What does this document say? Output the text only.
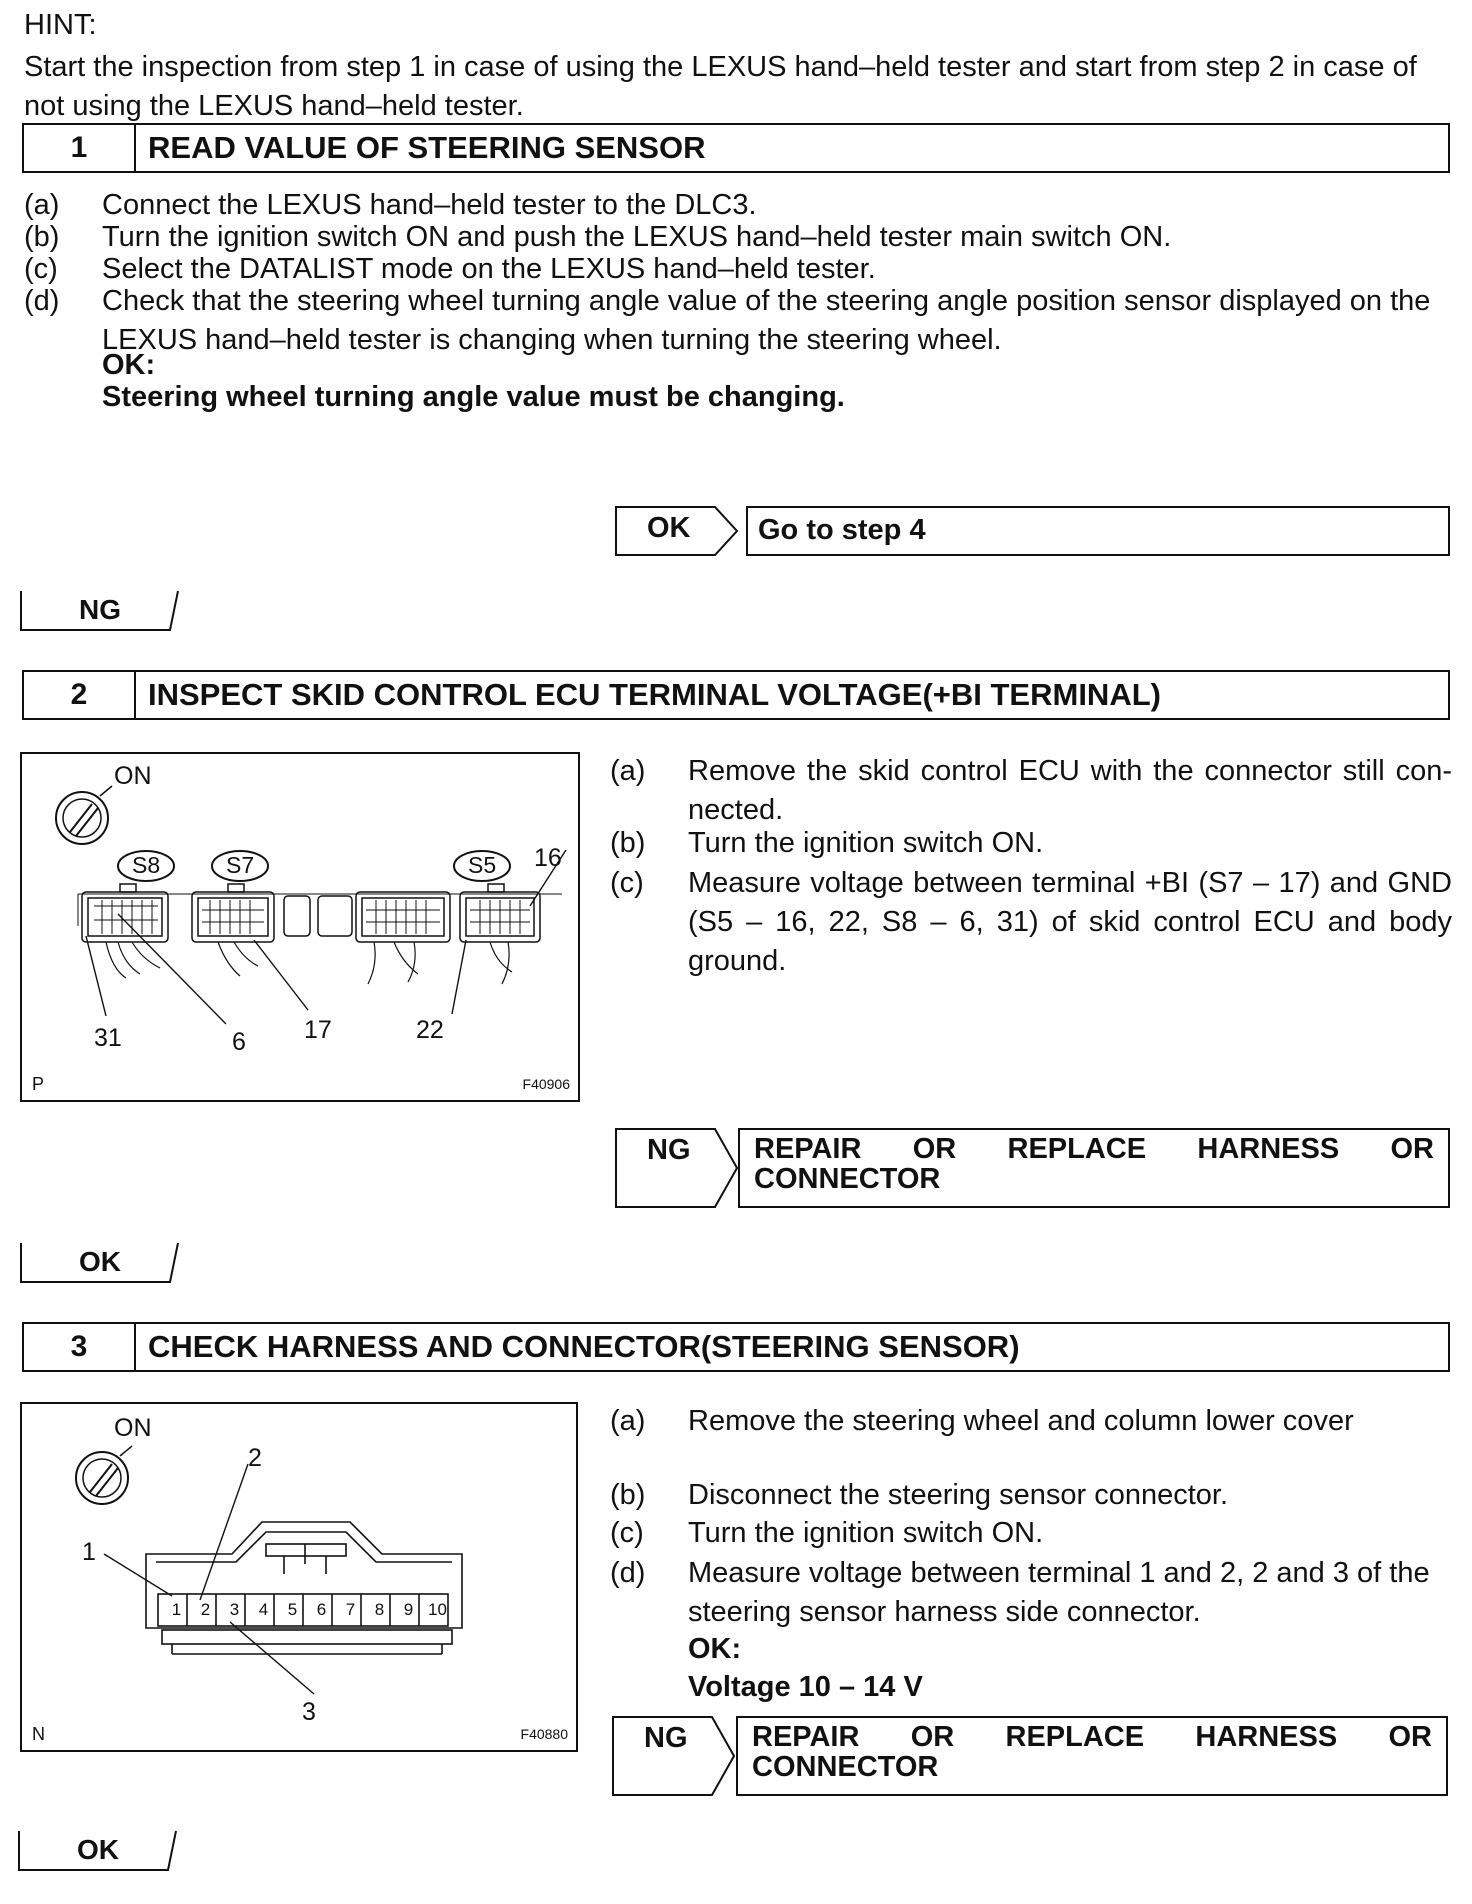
HINT:
Start the inspection from step 1 in case of using the LEXUS hand–held tester and start from step 2 in case of not using the LEXUS hand–held tester.
1	READ VALUE OF STEERING SENSOR
(a) Connect the LEXUS hand–held tester to the DLC3.
(b) Turn the ignition switch ON and push the LEXUS hand–held tester main switch ON.
(c) Select the DATALIST mode on the LEXUS hand–held tester.
(d) Check that the steering wheel turning angle value of the steering angle position sensor displayed on the LEXUS hand–held tester is changing when turning the steering wheel.
OK:
Steering wheel turning angle value must be changing.
OK Go to step 4
NG
2	INSPECT SKID CONTROL ECU TERMINAL VOLTAGE(+BI TERMINAL)
ON
S8	S7	S5 16
31	6 17	22
P	F40906
(a) Remove the skid control ECU with the connector still con- nected.
(b) Turn the ignition switch ON.
(c) Measure voltage between terminal +BI (S7 – 17) and GND (S5 – 16, 22, S8 – 6, 31) of skid control ECU and body ground.
NG REPAIR OR REPLACE HARNESS OR CONNECTOR
OK
3	CHECK HARNESS AND CONNECTOR(STEERING SENSOR)
ON
1	2	3	4	5	6	7	8	9 10
2
1
3
N	F40880
(a) Remove the steering wheel and column lower cover
(b) Disconnect the steering sensor connector.
(c) Turn the ignition switch ON.
(d) Measure voltage between terminal 1 and 2, 2 and 3 of the steering sensor harness side connector.
OK:
Voltage 10 – 14 V
NG REPAIR OR REPLACE HARNESS OR CONNECTOR
OK
